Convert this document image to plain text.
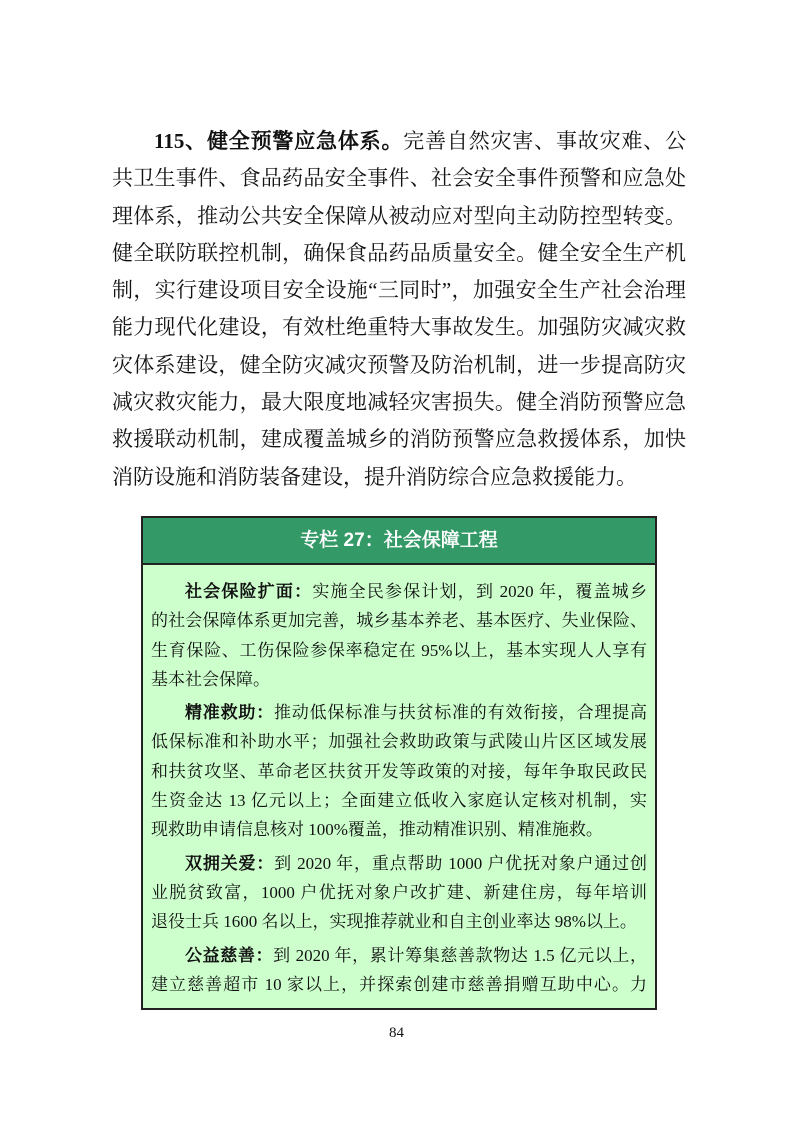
115、健全预警应急体系。完善自然灾害、事故灾难、公
共卫生事件、食品药品安全事件、社会安全事件预警和应急处
理体系，推动公共安全保障从被动应对型向主动防控型转变。
健全联防联控机制，确保食品药品质量安全。健全安全生产机
制，实行建设项目安全设施“三同时”，加强安全生产社会治理
能力现代化建设，有效杜绝重特大事故发生。加强防灾减灾救
灾体系建设，健全防灾减灾预警及防治机制，进一步提高防灾
减灾救灾能力，最大限度地减轻灾害损失。健全消防预警应急
救援联动机制，建成覆盖城乡的消防预警应急救援体系，加快
消防设施和消防装备建设，提升消防综合应急救援能力。
专栏 27：社会保障工程
社会保险扩面：实施全民参保计划，到 2020 年，覆盖城乡
的社会保障体系更加完善，城乡基本养老、基本医疗、失业保险、
生育保险、工伤保险参保率稳定在 95%以上，基本实现人人享有
基本社会保障。
精准救助：推动低保标准与扶贫标准的有效衔接，合理提高
低保标准和补助水平；加强社会救助政策与武陵山片区区域发展
和扶贫攻坚、革命老区扶贫开发等政策的对接，每年争取民政民
生资金达 13 亿元以上；全面建立低收入家庭认定核对机制，实
现救助申请信息核对 100%覆盖，推动精准识别、精准施救。
双拥关爱：到 2020 年，重点帮助 1000 户优抚对象户通过创
业脱贫致富，1000 户优抚对象户改扩建、新建住房，每年培训
退役士兵 1600 名以上，实现推荐就业和自主创业率达 98%以上。
公益慈善：到 2020 年，累计筹集慈善款物达 1.5 亿元以上，
建立慈善超市 10 家以上，并探索创建市慈善捐赠互助中心。力
84
